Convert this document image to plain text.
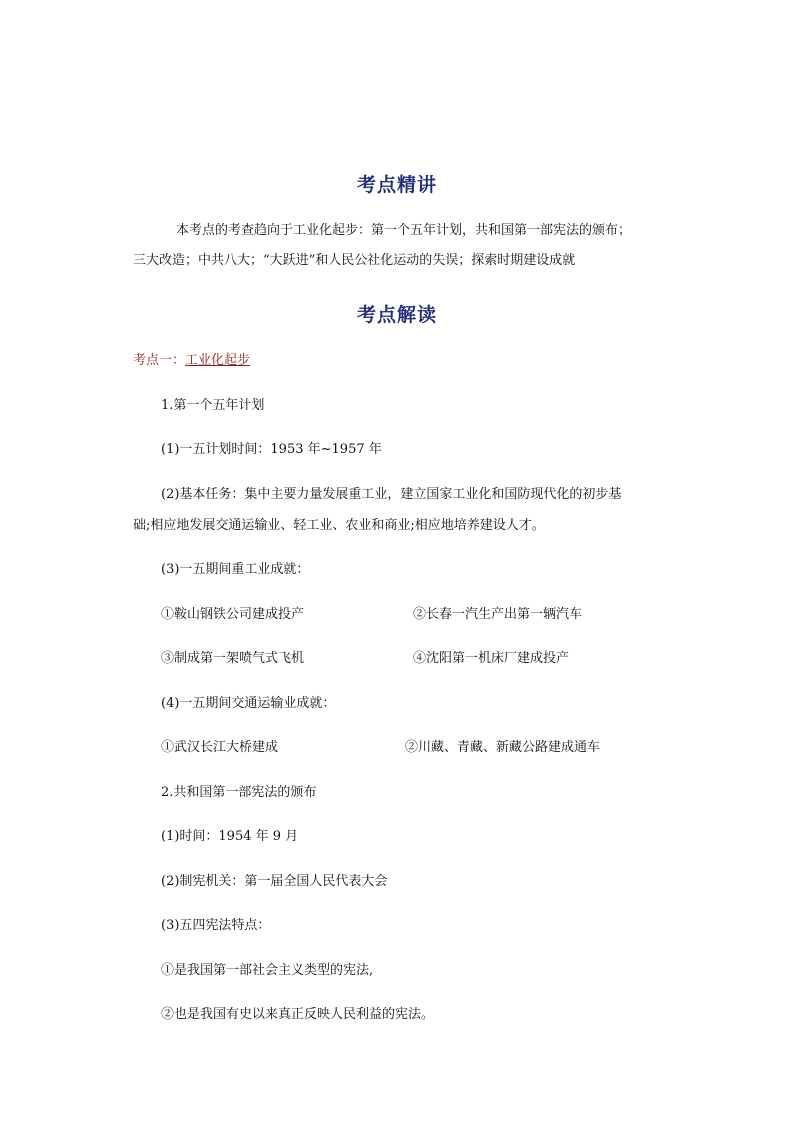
考点精讲
本考点的考查趋向于工业化起步：第一个五年计划，共和国第一部宪法的颁布；
三大改造；中共八大；“大跃进”和人民公社化运动的失误；探索时期建设成就
考点解读
考点一：工业化起步
1.第一个五年计划
(1)一五计划时间：1953 年~1957 年
(2)基本任务：集中主要力量发展重工业，建立国家工业化和国防现代化的初步基
础;相应地发展交通运输业、轻工业、农业和商业;相应地培养建设人才。
(3)一五期间重工业成就：
①鞍山钢铁公司建成投产	②长春一汽生产出第一辆汽车
③制成第一架喷气式飞机	④沈阳第一机床厂建成投产
(4)一五期间交通运输业成就：
①武汉长江大桥建成	②川藏、青藏、新藏公路建成通车
2.共和国第一部宪法的颁布
(1)时间：1954 年 9 月
(2)制宪机关：第一届全国人民代表大会
(3)五四宪法特点：
①是我国第一部社会主义类型的宪法,
②也是我国有史以来真正反映人民利益的宪法。
